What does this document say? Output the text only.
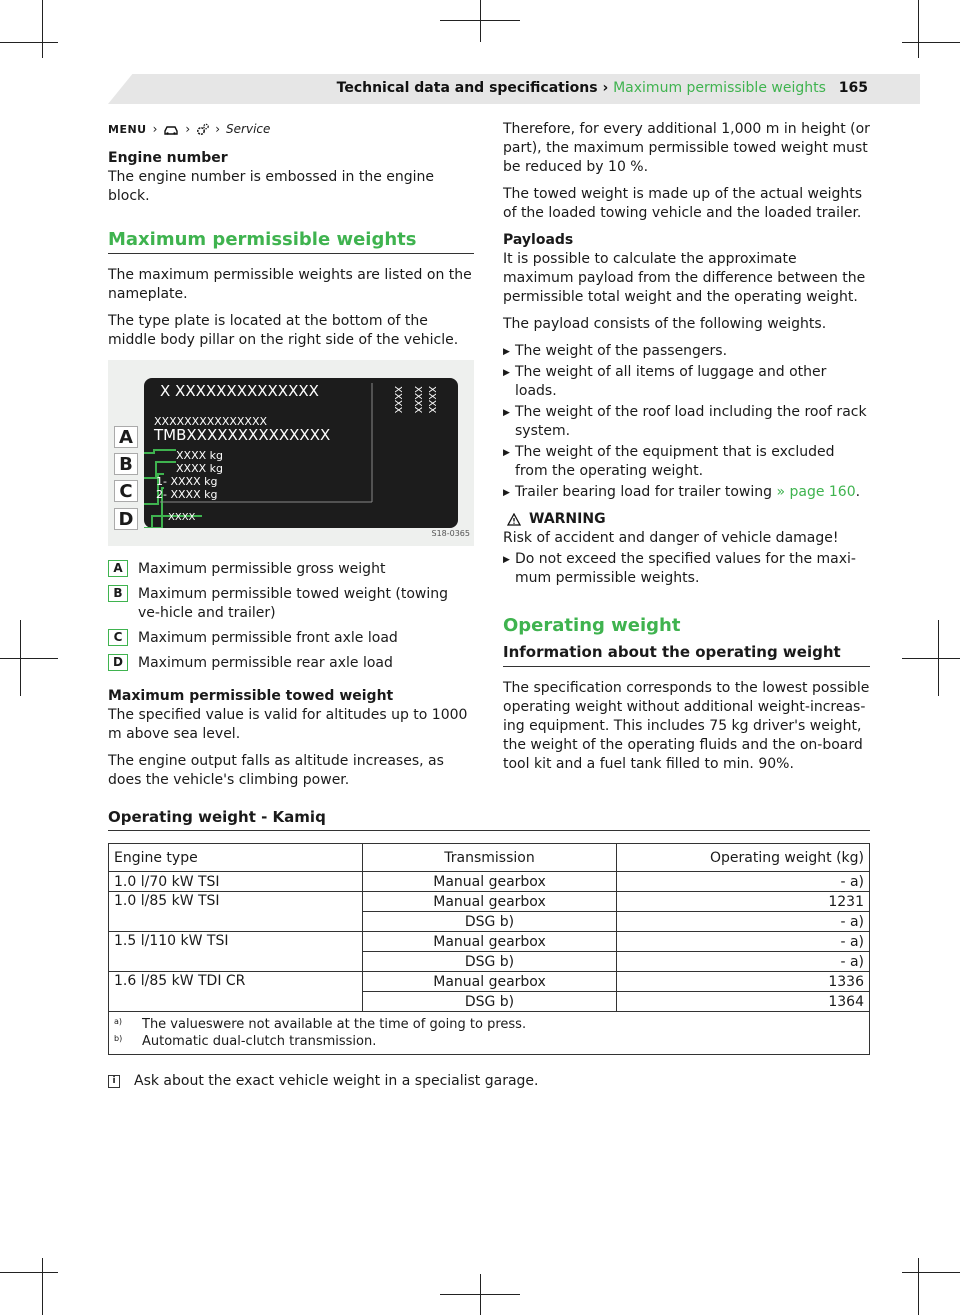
Technical data and specifications › Maximum permissible weights 165
MENU › › › Service

Engine number
The engine number is embossed in the engine block.

Maximum permissible weights

The maximum permissible weights are listed on the nameplate.

The type plate is located at the bottom of the middle body pillar on the right side of the vehicle.

X XXXXXXXXXXXXXX
XXXXXXXXXXXXXXX
TMBXXXXXXXXXXXXXX
XXXX kg
XXXX kg
1- XXXX kg
2- XXXX kg
XXXX
XXXX XXXX XXXX
A
B
C
D
S18-0365
A	Maximum permissible gross weight
B	Maximum permissible towed weight (towing ve-hicle and trailer)
C	Maximum permissible front axle load
D	Maximum permissible rear axle load

Maximum permissible towed weight
The specified value is valid for altitudes up to 1000 m above sea level.

The engine output falls as altitude increases, as does the vehicle's climbing power.

Therefore, for every additional 1,000 m in height (or part), the maximum permissible towed weight must be reduced by 10 %.

The towed weight is made up of the actual weights of the loaded towing vehicle and the loaded trailer.

Payloads
It is possible to calculate the approximate maximum payload from the difference between the permissible total weight and the operating weight.

The payload consists of the following weights.

▶ The weight of the passengers.
▶ The weight of all items of luggage and other loads.
▶ The weight of the roof load including the roof rack system.
▶ The weight of the equipment that is excluded from the operating weight.
▶ Trailer bearing load for trailer towing » page 160.
WARNING

Risk of accident and danger of vehicle damage!

▶ Do not exceed the specified values for the maxi-mum permissible weights.
Operating weight
Information about the operating weight

The specification corresponds to the lowest possible operating weight without additional weight-increas-ing equipment. This includes 75 kg driver's weight, the weight of the operating fluids and the on-board tool kit and a fuel tank filled to min. 90%.

Operating weight - Kamiq
Engine type	Transmission	Operating weight (kg)
1.0 l/70 kW TSI	Manual gearbox	- a)
1.0 l/85 kW TSI	Manual gearbox	1231
	DSG b)	- a)
1.5 l/110 kW TSI	Manual gearbox	- a)
	DSG b)	- a)
1.6 l/85 kW TDI CR	Manual gearbox	1336
	DSG b)	1364
a)	The valueswere not available at the time of going to press.
b)	Automatic dual-clutch transmission.
i	Ask about the exact vehicle weight in a specialist garage.
